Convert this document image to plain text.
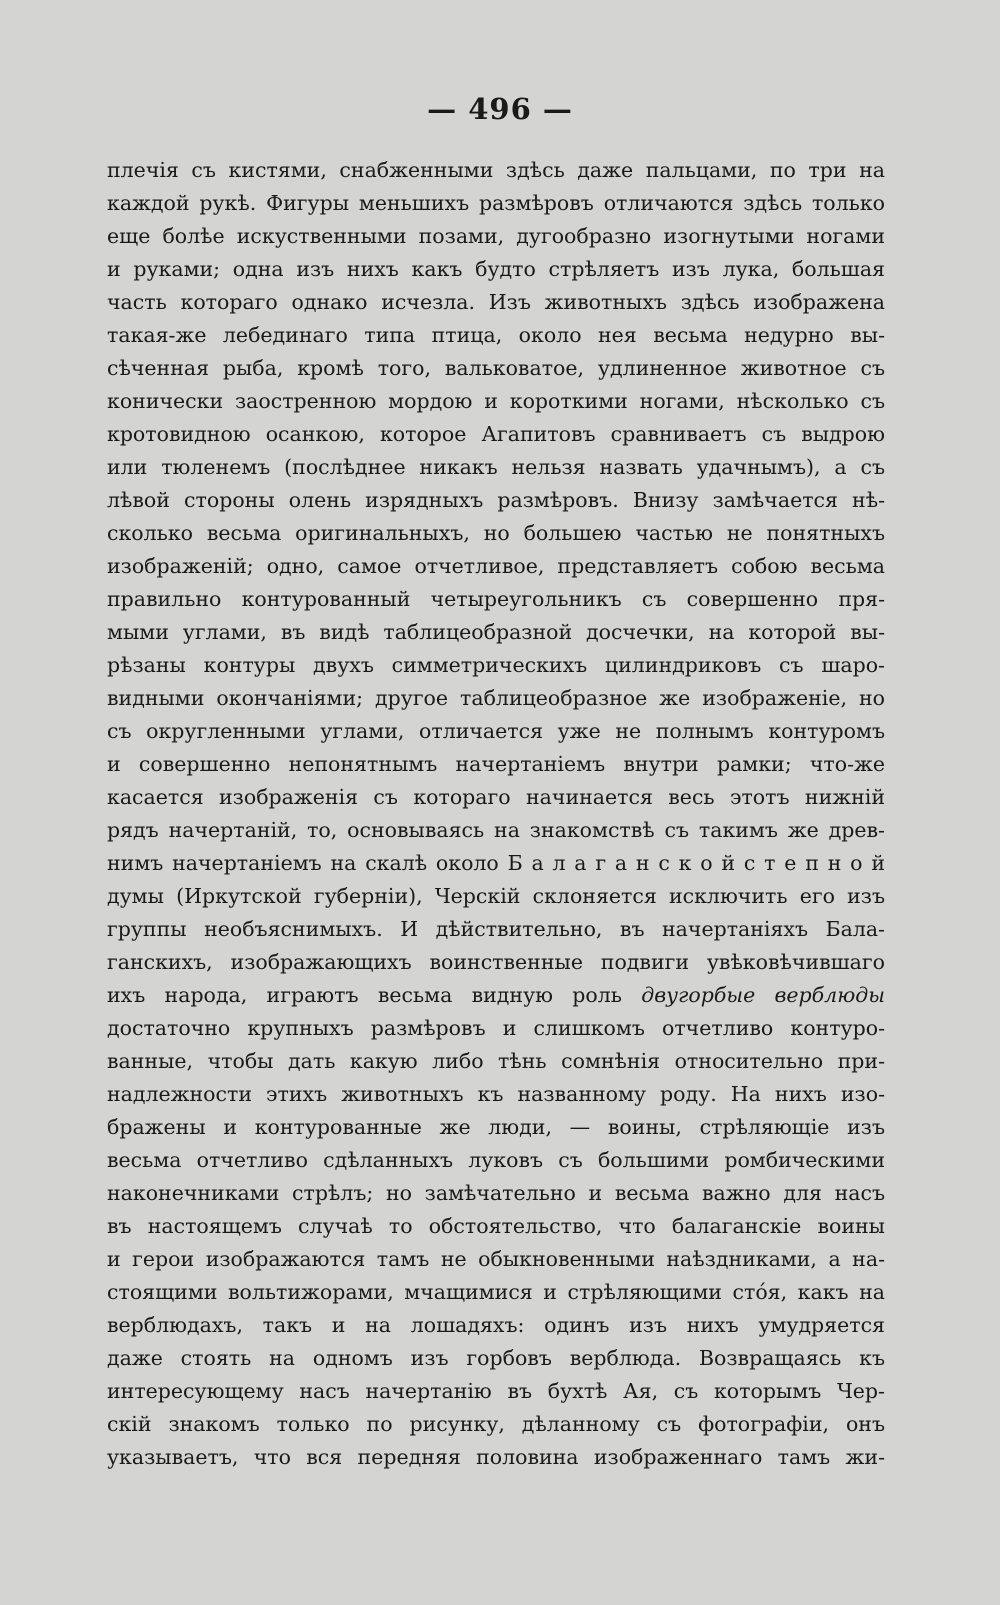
— 496 —
плечія съ кистями, снабженными здѣсь даже пальцами, по три на
каждой рукѣ. Фигуры меньшихъ размѣровъ отличаются здѣсь только
еще болѣе искуственными позами, дугообразно изогнутыми ногами
и руками; одна изъ нихъ какъ будто стрѣляетъ изъ лука, большая
часть котораго однако исчезла. Изъ животныхъ здѣсь изображена
такая-же лебединаго типа птица, около нея весьма недурно вы-
сѣченная рыба, кромѣ того, вальковатое, удлиненное животное съ
конически заостренною мордою и короткими ногами, нѣсколько съ
кротовидною осанкою, которое Агапитовъ сравниваетъ съ выдрою
или тюленемъ (послѣднее никакъ нельзя назвать удачнымъ), а съ
лѣвой стороны олень изрядныхъ размѣровъ. Внизу замѣчается нѣ-
сколько весьма оригинальныхъ, но большею частью не понятныхъ
изображеній; одно, самое отчетливое, представляетъ собою весьма
правильно контурованный четыреугольникъ съ совершенно пря-
мыми углами, въ видѣ таблицеобразной досчечки, на которой вы-
рѣзаны контуры двухъ симметрическихъ цилиндриковъ съ шаро-
видными окончаніями; другое таблицеобразное же изображеніе, но
съ округленными углами, отличается уже не полнымъ контуромъ
и совершенно непонятнымъ начертаніемъ внутри рамки; что-же
касается изображенія съ котораго начинается весь этотъ нижній
рядъ начертаній, то, основываясь на знакомствѣ съ такимъ же древ-
нимъ начертаніемъ на скалѣ около Б а л а г а н с к о й с т е п н о й
думы (Иркутской губерніи), Черскій склоняется исключить его изъ
группы необъяснимыхъ. И дѣйствительно, въ начертаніяхъ Бала-
ганскихъ, изображающихъ воинственные подвиги увѣковѣчившаго
ихъ народа, играютъ весьма видную роль двугорбые верблюды
достаточно крупныхъ размѣровъ и слишкомъ отчетливо контуро-
ванные, чтобы дать какую либо тѣнь сомнѣнія относительно при-
надлежности этихъ животныхъ къ названному роду. На нихъ изо-
бражены и контурованные же люди, — воины, стрѣляющіе изъ
весьма отчетливо сдѣланныхъ луковъ съ большими ромбическими
наконечниками стрѣлъ; но замѣчательно и весьма важно для насъ
въ настоящемъ случаѣ то обстоятельство, что балаганскіе воины
и герои изображаются тамъ не обыкновенными наѣздниками, а на-
стоящими вольтижорами, мчащимися и стрѣляющими стóя, какъ на
верблюдахъ, такъ и на лошадяхъ: одинъ изъ нихъ умудряется
даже стоять на одномъ изъ горбовъ верблюда. Возвращаясь къ
интересующему насъ начертанію въ бухтѣ Ая, съ которымъ Чер-
скій знакомъ только по рисунку, дѣланному съ фотографіи, онъ
указываетъ, что вся передняя половина изображеннаго тамъ жи-
